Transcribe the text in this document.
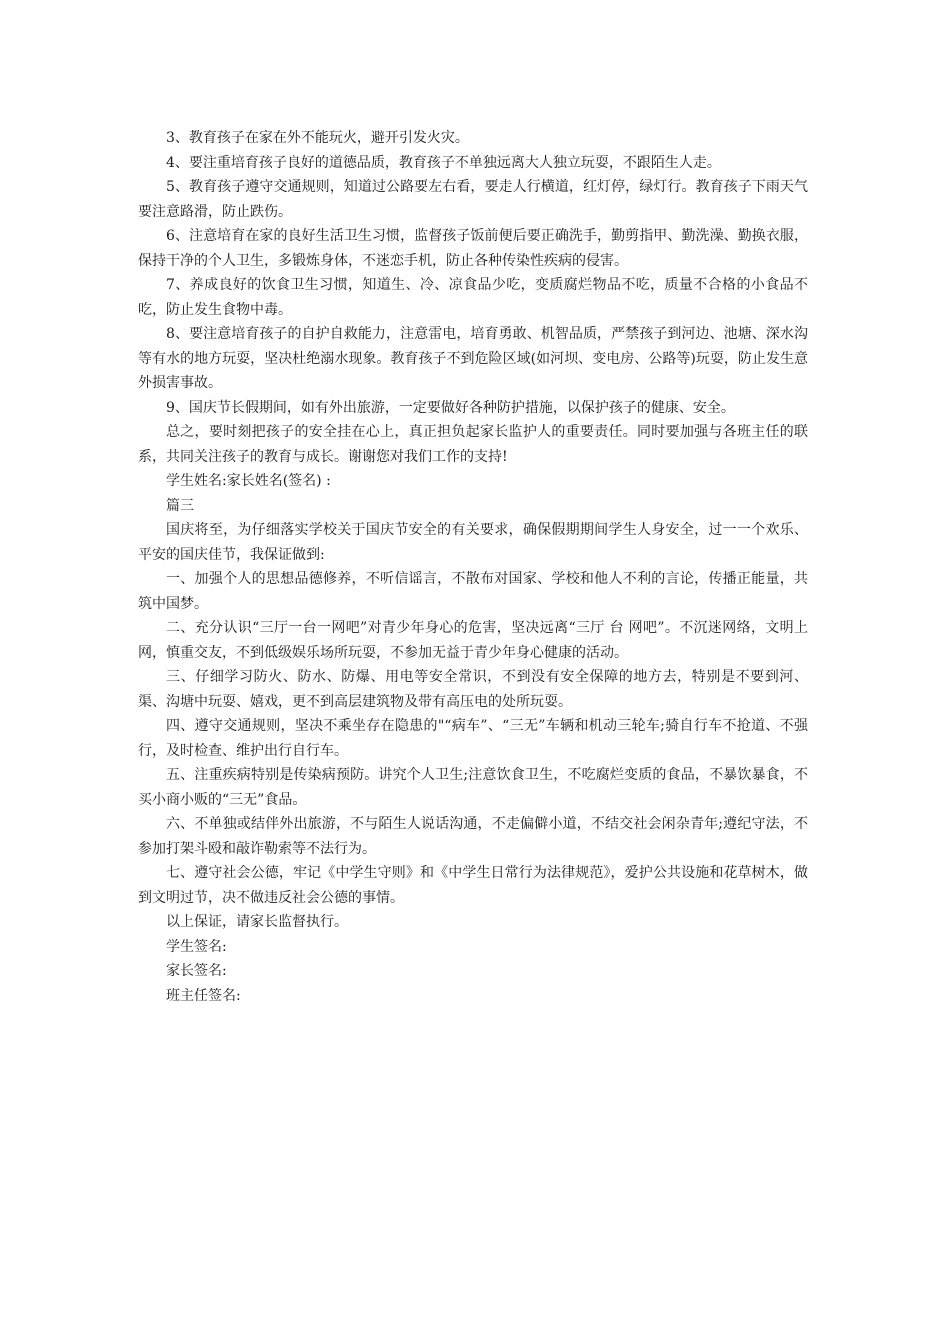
3、教育孩子在家在外不能玩火，避开引发火灾。

4、要注重培育孩子良好的道德品质，教育孩子不单独远离大人独立玩耍，不跟陌生人走。

5、教育孩子遵守交通规则，知道过公路要左右看，要走人行横道，红灯停，绿灯行。教育孩子下雨天气要注意路滑，防止跌伤。

6、注意培育在家的良好生活卫生习惯，监督孩子饭前便后要正确洗手，勤剪指甲、勤洗澡、勤换衣服，保持干净的个人卫生，多锻炼身体，不迷恋手机，防止各种传染性疾病的侵害。

7、养成良好的饮食卫生习惯，知道生、冷、凉食品少吃，变质腐烂物品不吃，质量不合格的小食品不吃，防止发生食物中毒。

8、要注意培育孩子的自护自救能力，注意雷电，培育勇敢、机智品质，严禁孩子到河边、池塘、深水沟等有水的地方玩耍，坚决杜绝溺水现象。教育孩子不到危险区域(如河坝、变电房、公路等)玩耍，防止发生意外损害事故。

9、国庆节长假期间，如有外出旅游，一定要做好各种防护措施，以保护孩子的健康、安全。

总之，要时刻把孩子的安全挂在心上，真正担负起家长监护人的重要责任。同时要加强与各班主任的联系，共同关注孩子的教育与成长。谢谢您对我们工作的支持!

学生姓名:家长姓名(签名) :

篇三

国庆将至，为仔细落实学校关于国庆节安全的有关要求，确保假期期间学生人身安全，过一一个欢乐、平安的国庆佳节，我保证做到:

一、加强个人的思想品德修养，不听信谣言，不散布对国家、学校和他人不利的言论，传播正能量，共筑中国梦。

二、充分认识“三厅一台一网吧”对青少年身心的危害，坚决远离“三厅 台 网吧”。不沉迷网络，文明上网，慎重交友，不到低级娱乐场所玩耍，不参加无益于青少年身心健康的活动。

三、仔细学习防火、防水、防爆、用电等安全常识，不到没有安全保障的地方去，特别是不要到河、渠、沟塘中玩耍、嬉戏，更不到高层建筑物及带有高压电的处所玩耍。

四、遵守交通规则，坚决不乘坐存在隐患的"“病车”、“三无”车辆和机动三轮车;骑自行车不抢道、不强行，及时检查、维护出行自行车。

五、注重疾病特别是传染病预防。讲究个人卫生;注意饮食卫生，不吃腐烂变质的食品，不暴饮暴食，不买小商小贩的“三无”食品。

六、不单独或结伴外出旅游，不与陌生人说话沟通，不走偏僻小道，不结交社会闲杂青年;遵纪守法，不参加打架斗殴和敲诈勒索等不法行为。

七、遵守社会公德，牢记《中学生守则》和《中学生日常行为法律规范》，爱护公共设施和花草树木，做到文明过节，决不做违反社会公德的事情。

以上保证，请家长监督执行。

学生签名:

家长签名:

班主任签名:
